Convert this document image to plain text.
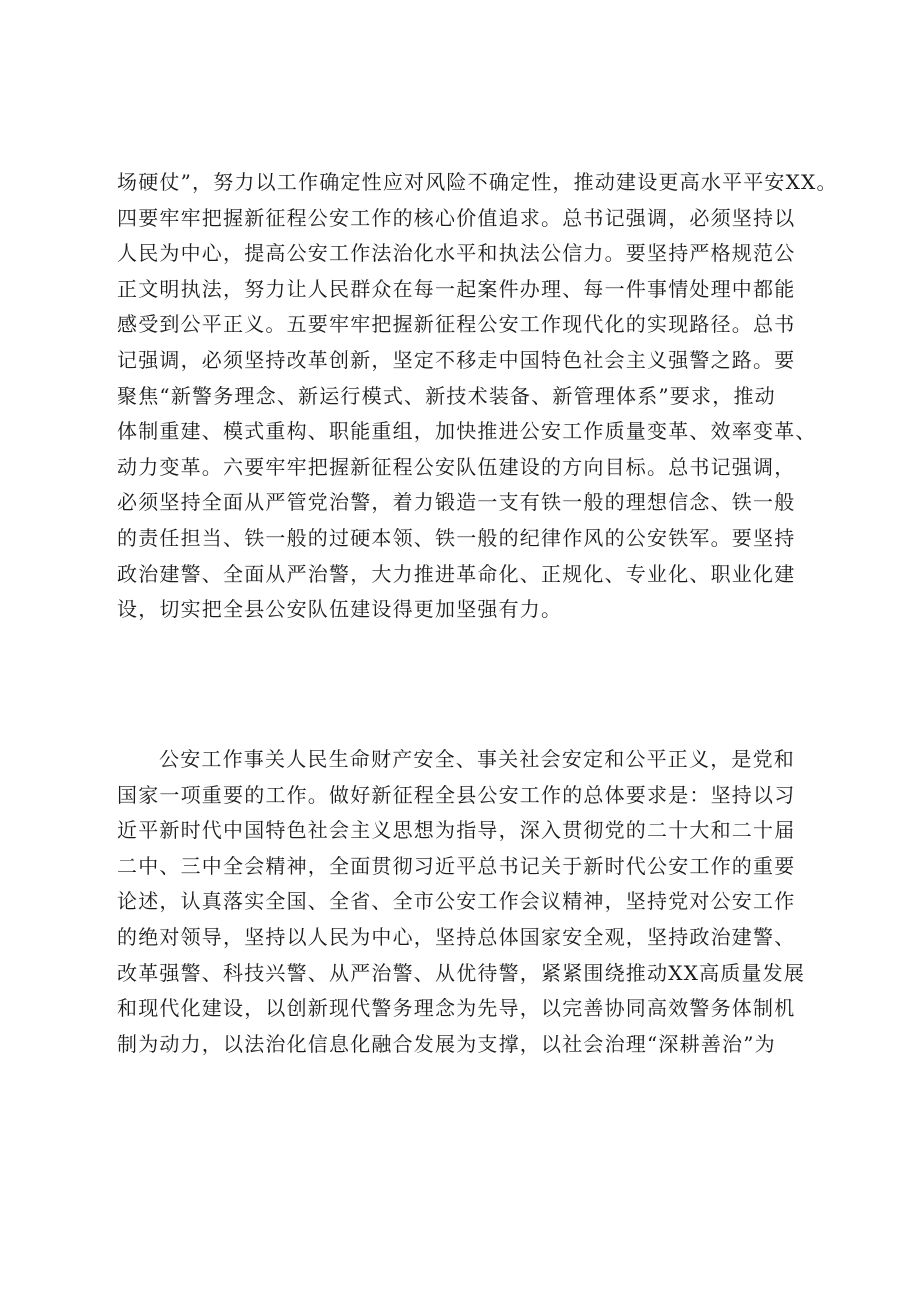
场硬仗”，努力以工作确定性应对风险不确定性，推动建设更高水平平安XX。
四要牢牢把握新征程公安工作的核心价值追求。总书记强调，必须坚持以
人民为中心，提高公安工作法治化水平和执法公信力。要坚持严格规范公
正文明执法，努力让人民群众在每一起案件办理、每一件事情处理中都能
感受到公平正义。五要牢牢把握新征程公安工作现代化的实现路径。总书
记强调，必须坚持改革创新，坚定不移走中国特色社会主义强警之路。要
聚焦“新警务理念、新运行模式、新技术装备、新管理体系”要求，推动
体制重建、模式重构、职能重组，加快推进公安工作质量变革、效率变革、
动力变革。六要牢牢把握新征程公安队伍建设的方向目标。总书记强调，
必须坚持全面从严管党治警，着力锻造一支有铁一般的理想信念、铁一般
的责任担当、铁一般的过硬本领、铁一般的纪律作风的公安铁军。要坚持
政治建警、全面从严治警，大力推进革命化、正规化、专业化、职业化建
设，切实把全县公安队伍建设得更加坚强有力。
公安工作事关人民生命财产安全、事关社会安定和公平正义，是党和
国家一项重要的工作。做好新征程全县公安工作的总体要求是：坚持以习
近平新时代中国特色社会主义思想为指导，深入贯彻党的二十大和二十届
二中、三中全会精神，全面贯彻习近平总书记关于新时代公安工作的重要
论述，认真落实全国、全省、全市公安工作会议精神，坚持党对公安工作
的绝对领导，坚持以人民为中心，坚持总体国家安全观，坚持政治建警、
改革强警、科技兴警、从严治警、从优待警，紧紧围绕推动XX高质量发展
和现代化建设，以创新现代警务理念为先导，以完善协同高效警务体制机
制为动力，以法治化信息化融合发展为支撑，以社会治理“深耕善治”为
